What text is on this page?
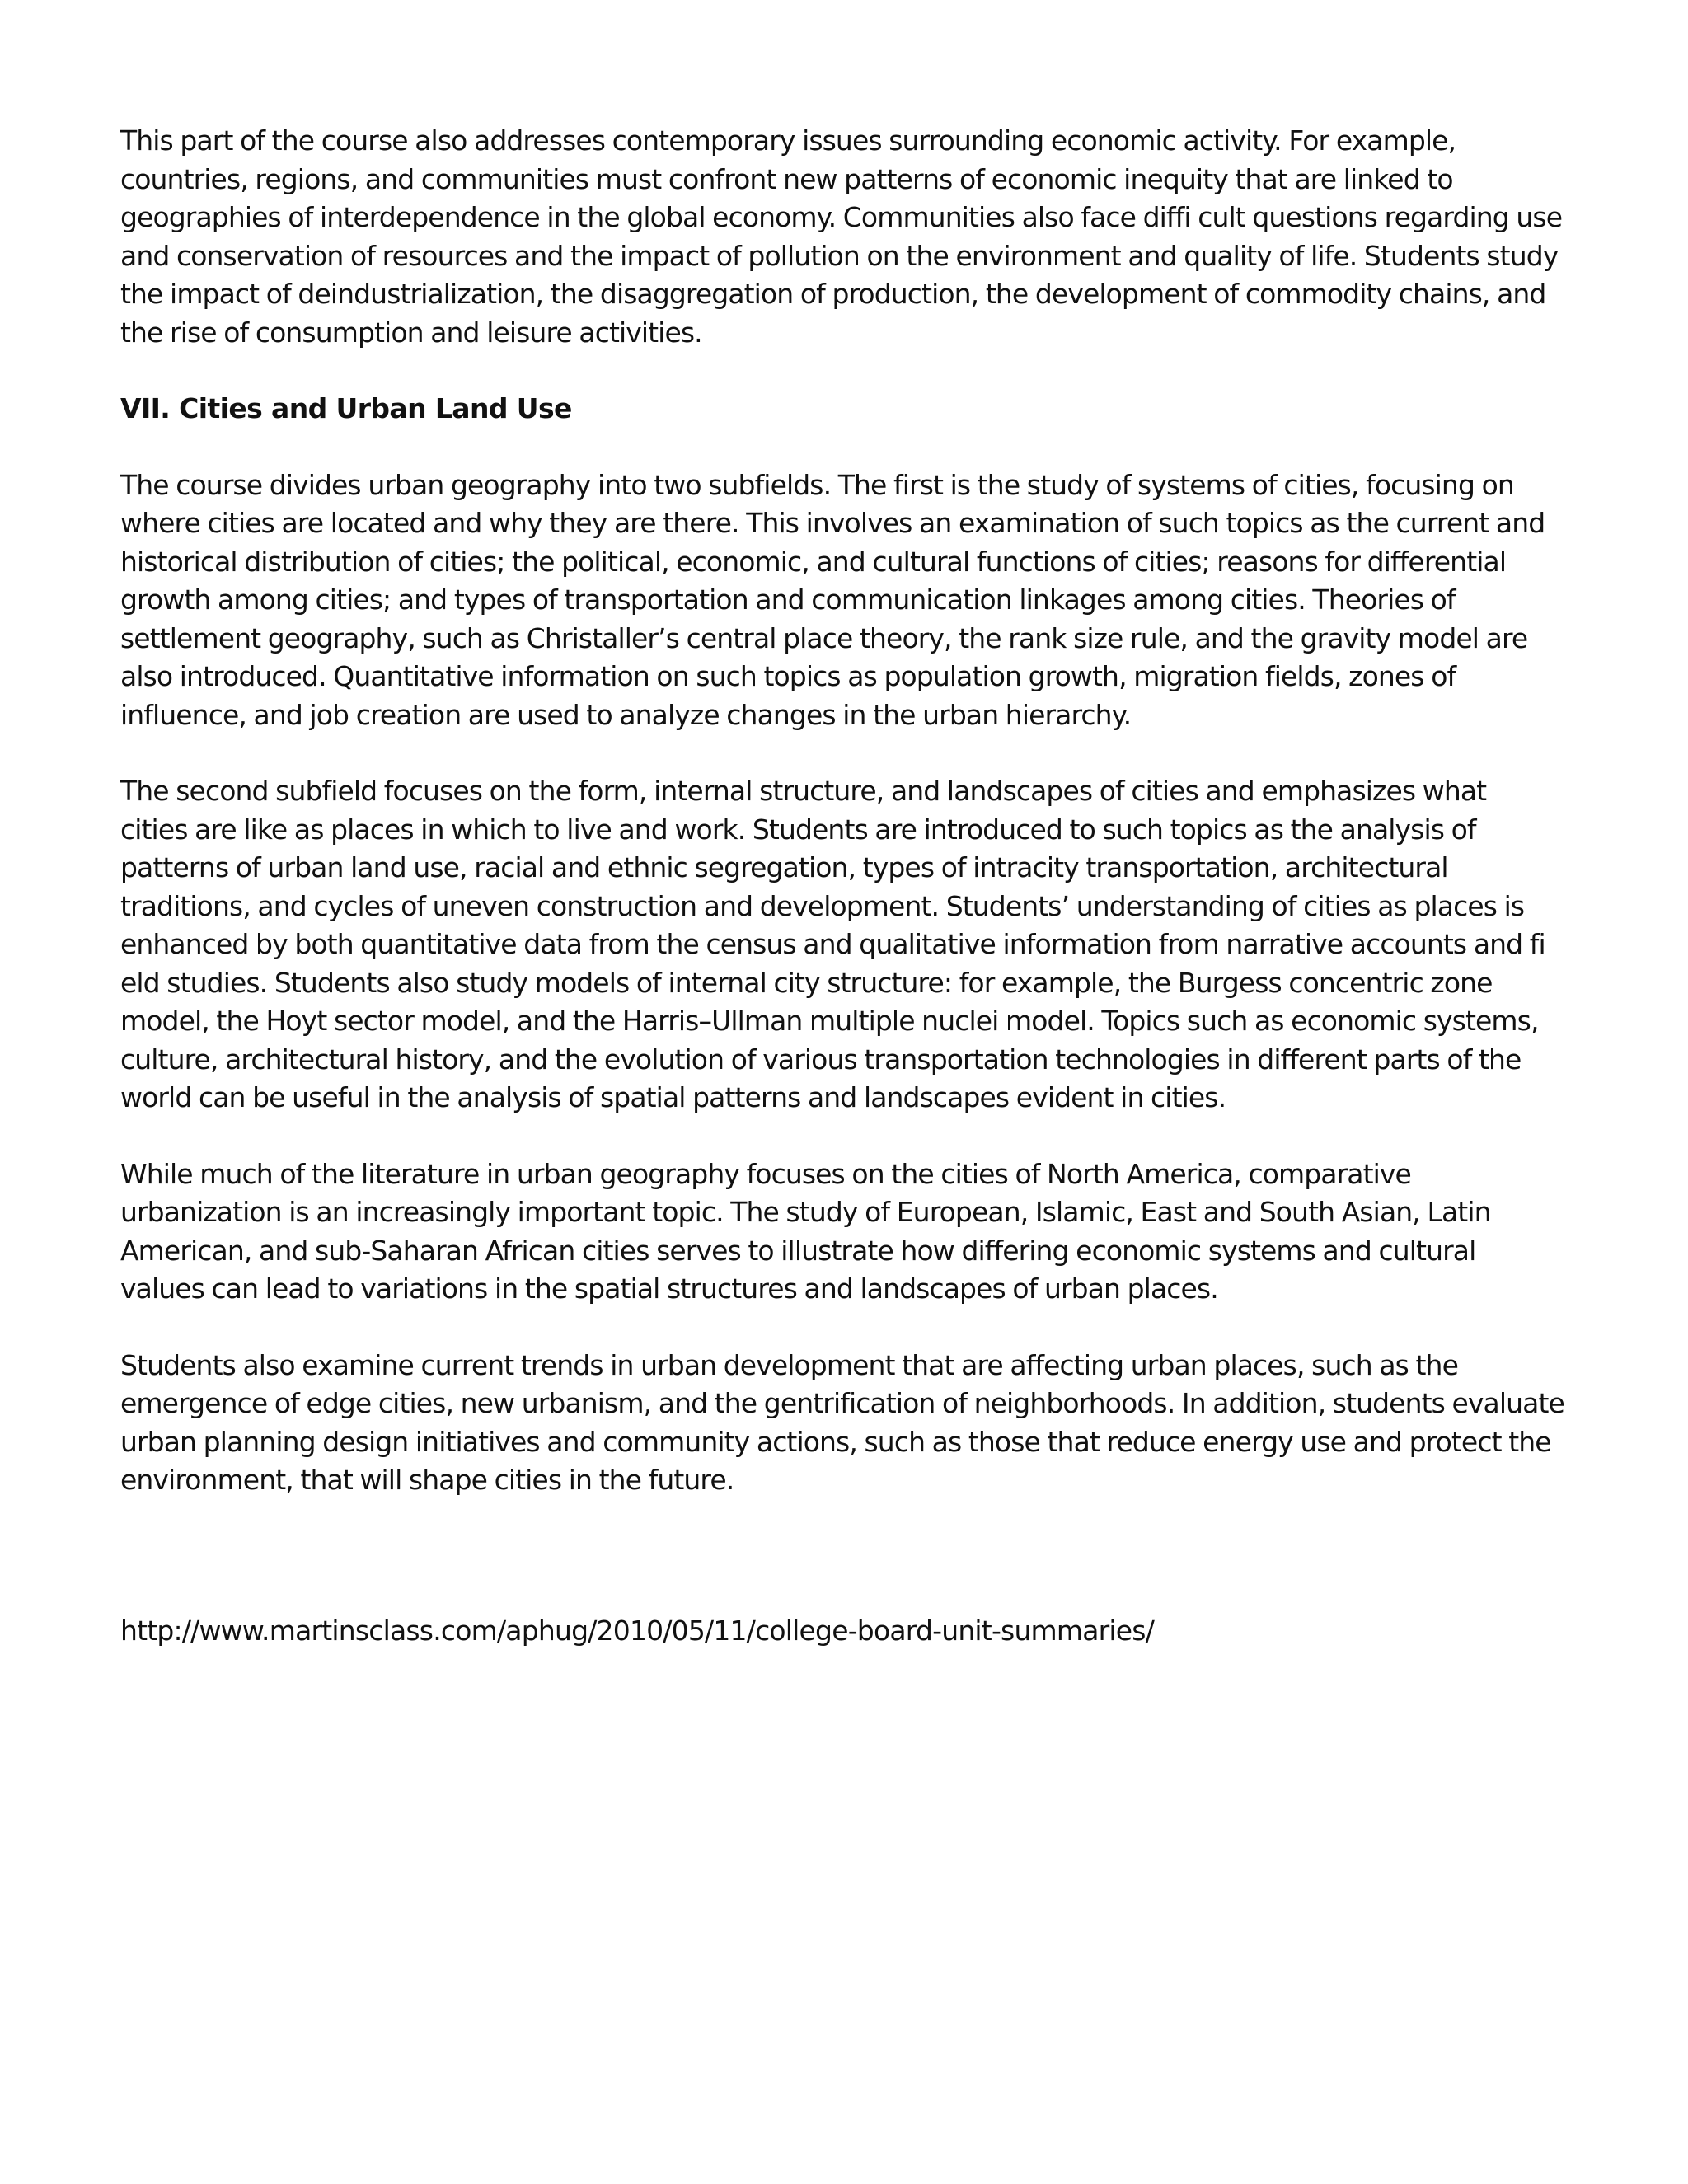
This part of the course also addresses contemporary issues surrounding economic activity. For example,
countries, regions, and communities must confront new patterns of economic inequity that are linked to
geographies of interdependence in the global economy. Communities also face diffi cult questions regarding use
and conservation of resources and the impact of pollution on the environment and quality of life. Students study
the impact of deindustrialization, the disaggregation of production, the development of commodity chains, and
the rise of consumption and leisure activities.

VII. Cities and Urban Land Use

The course divides urban geography into two subfields. The first is the study of systems of cities, focusing on
where cities are located and why they are there. This involves an examination of such topics as the current and
historical distribution of cities; the political, economic, and cultural functions of cities; reasons for differential
growth among cities; and types of transportation and communication linkages among cities. Theories of
settlement geography, such as Christaller’s central place theory, the rank size rule, and the gravity model are
also introduced. Quantitative information on such topics as population growth, migration fields, zones of
influence, and job creation are used to analyze changes in the urban hierarchy.

The second subfield focuses on the form, internal structure, and landscapes of cities and emphasizes what
cities are like as places in which to live and work. Students are introduced to such topics as the analysis of
patterns of urban land use, racial and ethnic segregation, types of intracity transportation, architectural
traditions, and cycles of uneven construction and development. Students’ understanding of cities as places is
enhanced by both quantitative data from the census and qualitative information from narrative accounts and fi
eld studies. Students also study models of internal city structure: for example, the Burgess concentric zone
model, the Hoyt sector model, and the Harris–Ullman multiple nuclei model. Topics such as economic systems,
culture, architectural history, and the evolution of various transportation technologies in different parts of the
world can be useful in the analysis of spatial patterns and landscapes evident in cities.

While much of the literature in urban geography focuses on the cities of North America, comparative
urbanization is an increasingly important topic. The study of European, Islamic, East and South Asian, Latin
American, and sub-Saharan African cities serves to illustrate how differing economic systems and cultural
values can lead to variations in the spatial structures and landscapes of urban places.

Students also examine current trends in urban development that are affecting urban places, such as the
emergence of edge cities, new urbanism, and the gentrification of neighborhoods. In addition, students evaluate
urban planning design initiatives and community actions, such as those that reduce energy use and protect the
environment, that will shape cities in the future.

http://www.martinsclass.com/aphug/2010/05/11/college-board-unit-summaries/
